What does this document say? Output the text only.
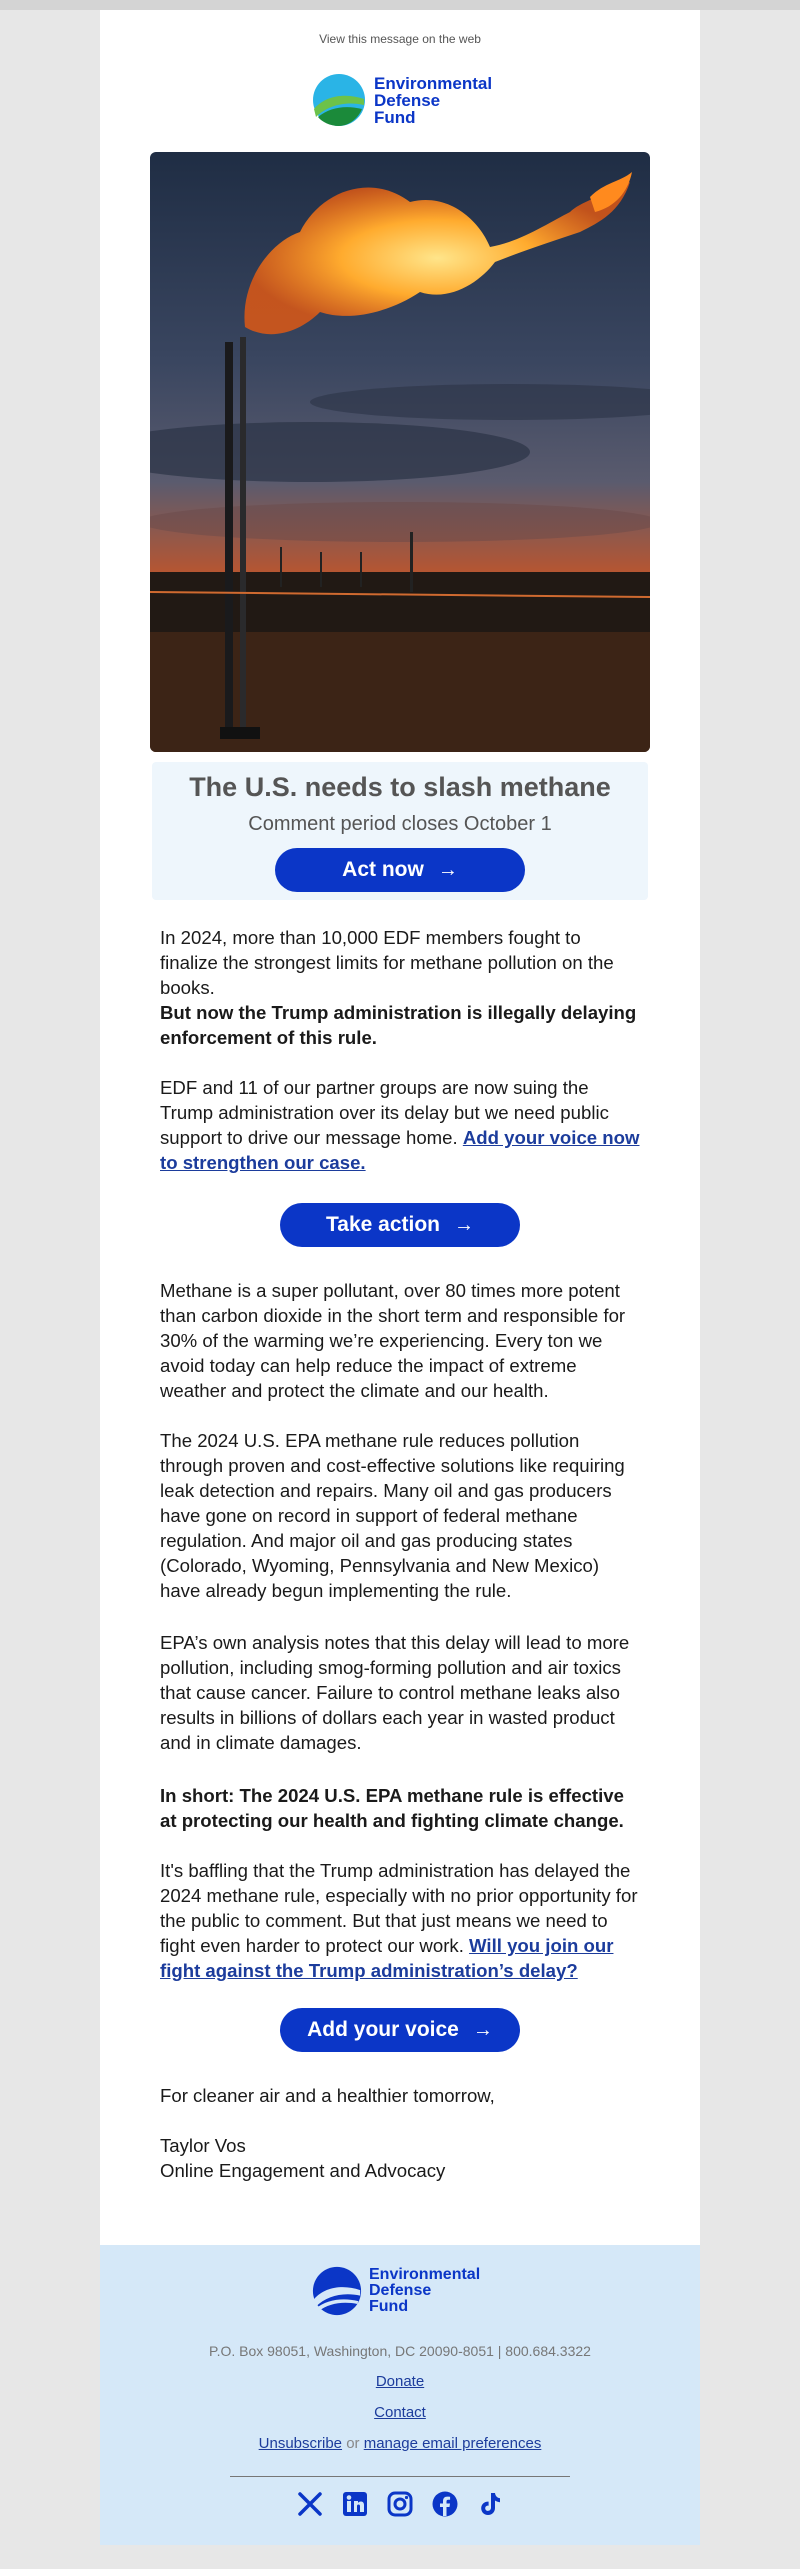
View this message on the web
Environmental
Defense
Fund
The U.S. needs to slash methane
Comment period closes October 1
Act now →

In 2024, more than 10,000 EDF members fought to finalize the strongest limits for methane pollution on the books.

But now the Trump administration is illegally delaying enforcement of this rule.

EDF and 11 of our partner groups are now suing the Trump administration over its delay but we need public support to drive our message home. Add your voice now to strengthen our case.

Take action →

Methane is a super pollutant, over 80 times more potent than carbon dioxide in the short term and responsible for 30% of the warming we’re experiencing. Every ton we avoid today can help reduce the impact of extreme weather and protect the climate and our health.

The 2024 U.S. EPA methane rule reduces pollution through proven and cost-effective solutions like requiring leak detection and repairs. Many oil and gas producers have gone on record in support of federal methane regulation. And major oil and gas producing states (Colorado, Wyoming, Pennsylvania and New Mexico) have already begun implementing the rule.

EPA’s own analysis notes that this delay will lead to more pollution, including smog-forming pollution and air toxics that cause cancer. Failure to control methane leaks also results in billions of dollars each year in wasted product and in climate damages.

In short: The 2024 U.S. EPA methane rule is effective at protecting our health and fighting climate change.

It's baffling that the Trump administration has delayed the 2024 methane rule, especially with no prior opportunity for the public to comment. But that just means we need to fight even harder to protect our work. Will you join our fight against the Trump administration’s delay?

Add your voice →

For cleaner air and a healthier tomorrow,

Taylor Vos

Online Engagement and Advocacy

Environmental
Defense
Fund
P.O. Box 98051, Washington, DC 20090-8051 | 800.684.3322
Donate
Contact
Unsubscribe or manage email preferences
